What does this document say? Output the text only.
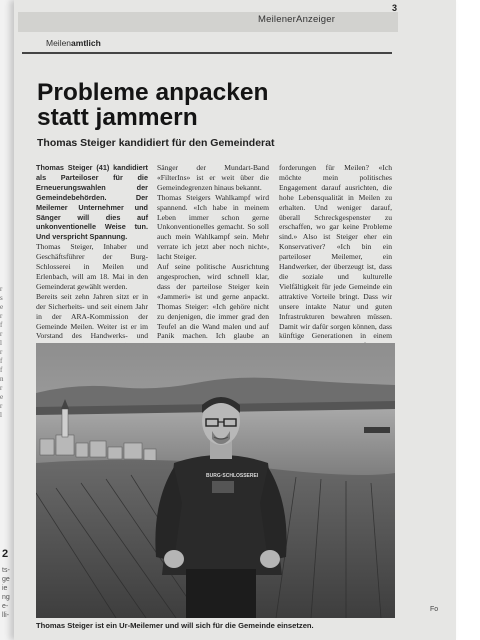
r
s
e
r
f
r
l
r
f
f
n
r
e
r
l
2
ts-
ge
ie
ng
e-
lli-
MeilenerAnzeiger
3
Meilenamtlich
Probleme anpacken
statt jammern
Thomas Steiger kandidiert für den Gemeinderat

Thomas Steiger (41) kandidiert als Parteiloser für die Erneuerungswahlen der Gemeindebehörden. Der Meilemer Unternehmer und Sänger will dies auf unkonventionelle Weise tun. Und verspricht Spannung.

Thomas Steiger, Inhaber und Geschäftsführer der Burg-Schlosserei in Meilen und Erlenbach, will am 18. Mai in den Gemeinderat gewählt werden.

Bereits seit zehn Jahren sitzt er in der Sicherheits- und seit einem Jahr in der ARA-Kommission der Gemeinde Meilen. Weiter ist er im Vorstand des Handwerks- und

Sänger der Mundart-Band «FilterIns» ist er weit über die Gemeindegrenzen hinaus bekannt.

Thomas Steigers Wahlkampf wird spannend. «Ich habe in meinem Leben immer schon gerne Unkonventionelles gemacht. So soll auch mein Wahlkampf sein. Mehr verrate ich jetzt aber noch nicht», lacht Steiger.

Auf seine politische Ausrichtung angesprochen, wird schnell klar, dass der parteilose Steiger kein «Jammeri» ist und gerne anpackt. Thomas Steiger: «Ich gehöre nicht zu denjenigen, die immer grad den Teufel an die Wand malen und auf Panik machen. Ich glaube an

forderungen für Meilen? «Ich möchte mein politisches Engagement darauf ausrichten, die hohe Lebensqualität in Meilen zu erhalten. Und weniger darauf, überall Schreckgespenster zu erschaffen, wo gar keine Probleme sind.» Also ist Steiger eher ein Konservativer? «Ich bin ein parteiloser Meilemer, ein Handwerker, der überzeugt ist, dass die soziale und kulturelle Vielfältigkeit für jede Gemeinde ein attraktive Vorteile bringt. Dass wir unsere intakte Natur und guten Infrastrukturen bewahren müssen. Damit wir dafür sorgen können, dass künftige Generationen in einem

BURG·SCHLOSSEREI
Thomas Steiger ist ein Ur-Meilemer und will sich für die Gemeinde einsetzen.
Fo
